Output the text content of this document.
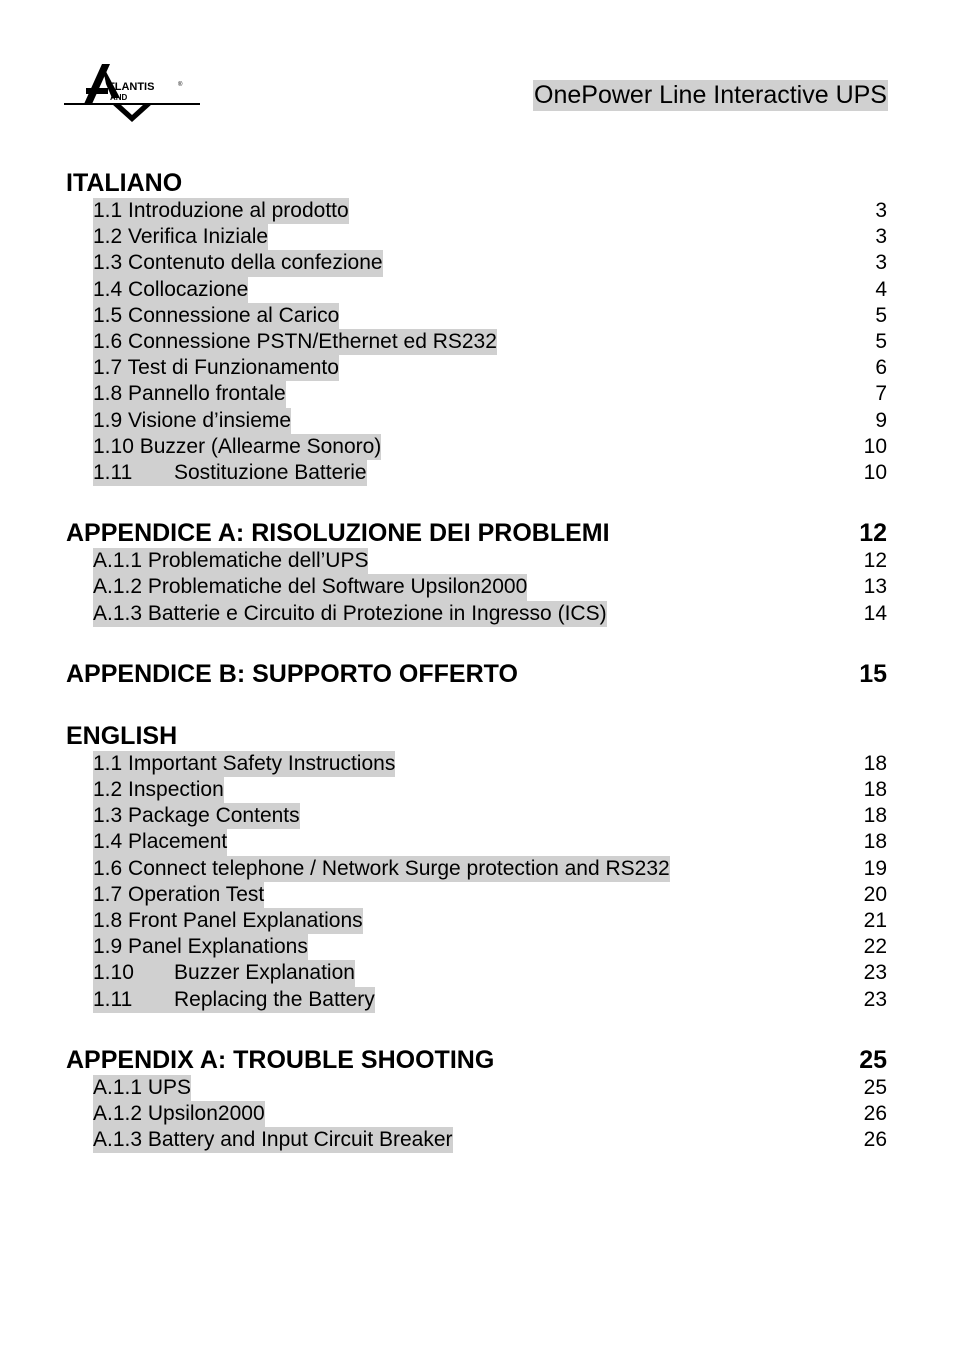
TLANTIS	®
AND	OnePower Line Interactive UPS
ITALIANO
1.1 Introduzione al prodotto	3
1.2 Verifica Iniziale	3
1.3 Contenuto della confezione	3
1.4 Collocazione	4
1.5 Connessione al Carico	5
1.6 Connessione PSTN/Ethernet ed RS232	5
1.7 Test di Funzionamento	6
1.8 Pannello frontale	7
1.9 Visione d’insieme	9
1.10 Buzzer (Allearme Sonoro)	10
1.11 Sostituzione Batterie	10
APPENDICE A: RISOLUZIONE DEI PROBLEMI	12
A.1.1 Problematiche dell’UPS	12
A.1.2 Problematiche del Software Upsilon2000	13
A.1.3 Batterie e Circuito di Protezione in Ingresso (ICS)	14
APPENDICE B: SUPPORTO OFFERTO	15
ENGLISH
1.1 Important Safety Instructions	18
1.2 Inspection	18
1.3 Package Contents	18
1.4 Placement	18
1.6 Connect telephone / Network Surge protection and RS232	19
1.7 Operation Test	20
1.8 Front Panel Explanations	21
1.9 Panel Explanations	22
1.10 Buzzer Explanation	23
1.11 Replacing the Battery	23
APPENDIX A: TROUBLE SHOOTING	25
A.1.1 UPS	25
A.1.2 Upsilon2000	26
A.1.3 Battery and Input Circuit Breaker	26
